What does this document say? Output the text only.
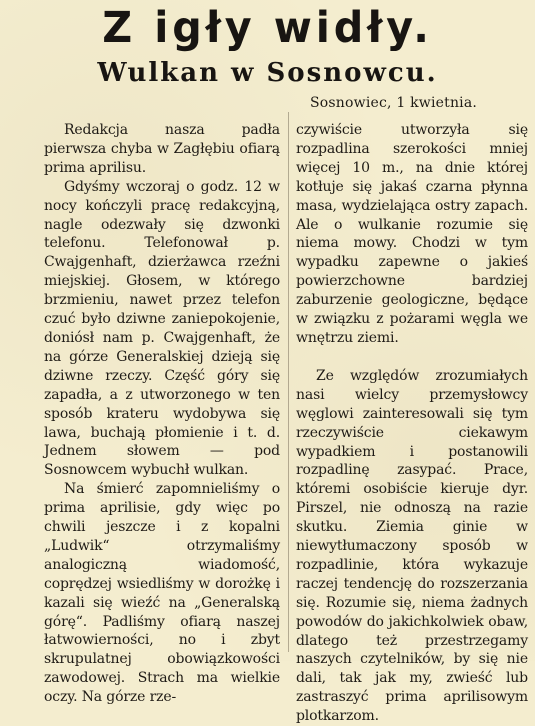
Z igły widły.
Wulkan w Sosnowcu.
Sosnowiec, 1 kwietnia.

Redakcja nasza padła pierwsza chyba w Zagłębiu ofiarą prima aprilisu.

Gdyśmy wczoraj o godz. 12 w nocy kończyli pracę redakcyjną, nagle odezwały się dzwonki telefonu. Telefonował p. Cwajgenhaft, dzierżawca rzeźni miejskiej. Głosem, w którego brzmieniu, nawet przez telefon czuć było dziwne zaniepokojenie, doniósł nam p. Cwajgenhaft, że na górze Generalskiej dzieją się dziwne rzeczy. Część góry się zapadła, a z utworzonego w ten sposób krateru wydobywa się lawa, buchają płomienie i t. d. Jednem słowem — pod Sosnowcem wybuchł wulkan.

Na śmierć zapomnieliśmy o prima aprilisie, gdy więc po chwili jeszcze i z kopalni „Ludwik“ otrzymaliśmy analogiczną wiadomość, coprędzej wsiedliśmy w dorożkę i kazali się wieźć na „Generalską górę“. Padliśmy ofiarą naszej łatwowierności, no i zbyt skrupulatnej obowiązkowości zawodowej. Strach ma wielkie oczy. Na górze rze-

czywiście utworzyła się rozpadlina szerokości mniej więcej 10 m., na dnie której kotłuje się jakaś czarna płynna masa, wydzielająca ostry zapach. Ale o wulkanie rozumie się niema mowy. Chodzi w tym wypadku zapewne o jakieś powierzchowne bardziej zaburzenie geologiczne, będące w związku z pożarami węgla we wnętrzu ziemi.

Ze względów zrozumiałych nasi wielcy przemysłowcy węglowi zainteresowali się tym rzeczywiście ciekawym wypadkiem i postanowili rozpadlinę zasypać. Prace, któremi osobiście kieruje dyr. Pirszel, nie odnoszą na razie skutku. Ziemia ginie w niewytłumaczony sposób w rozpadlinie, która wykazuje raczej tendencję do rozszerzania się. Rozumie się, niema żadnych powodów do jakichkolwiek obaw, dlatego też przestrzegamy naszych czytelników, by się nie dali, tak jak my, zwieść lub zastraszyć prima aprilisowym plotkarzom.
